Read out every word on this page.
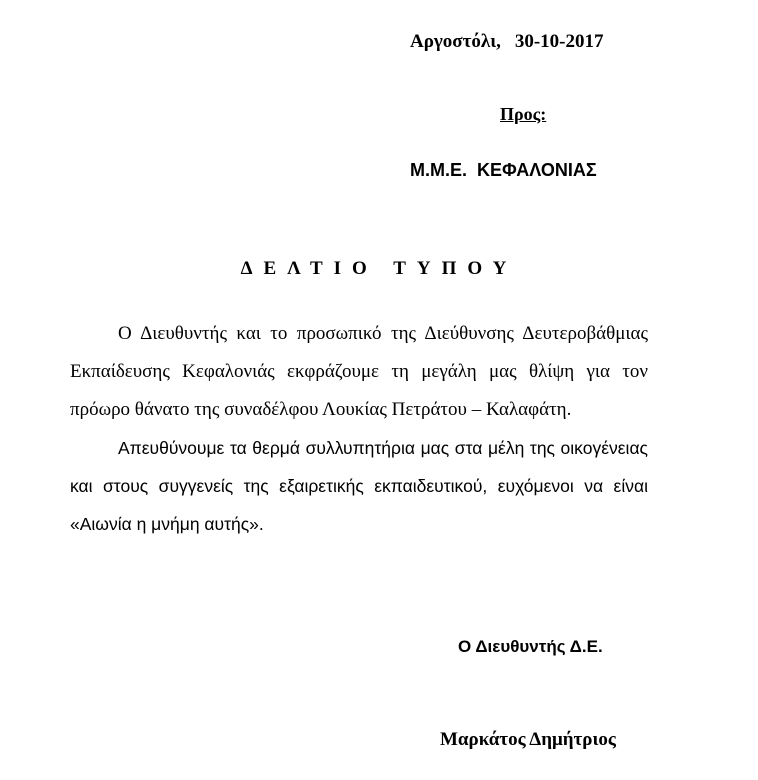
Αργοστόλι, 30-10-2017
Προς:
Μ.Μ.Ε.  ΚΕΦΑΛΟΝΙΑΣ
ΔΕΛΤΙΟ ΤΥΠΟΥ

Ο Διευθυντής και το προσωπικό της Διεύθυνσης Δευτεροβάθμιας Εκπαίδευσης Κεφαλονιάς εκφράζουμε τη μεγάλη μας θλίψη για τον πρόωρο θάνατο της συναδέλφου Λουκίας Πετράτου – Καλαφάτη.

Απευθύνουμε τα θερμά συλλυπητήρια μας στα μέλη της οικογένειας και στους συγγενείς της εξαιρετικής εκπαιδευτικού, ευχόμενοι να είναι «Αιωνία η μνήμη αυτής».

Ο Διευθυντής Δ.Ε.
Μαρκάτος Δημήτριος
